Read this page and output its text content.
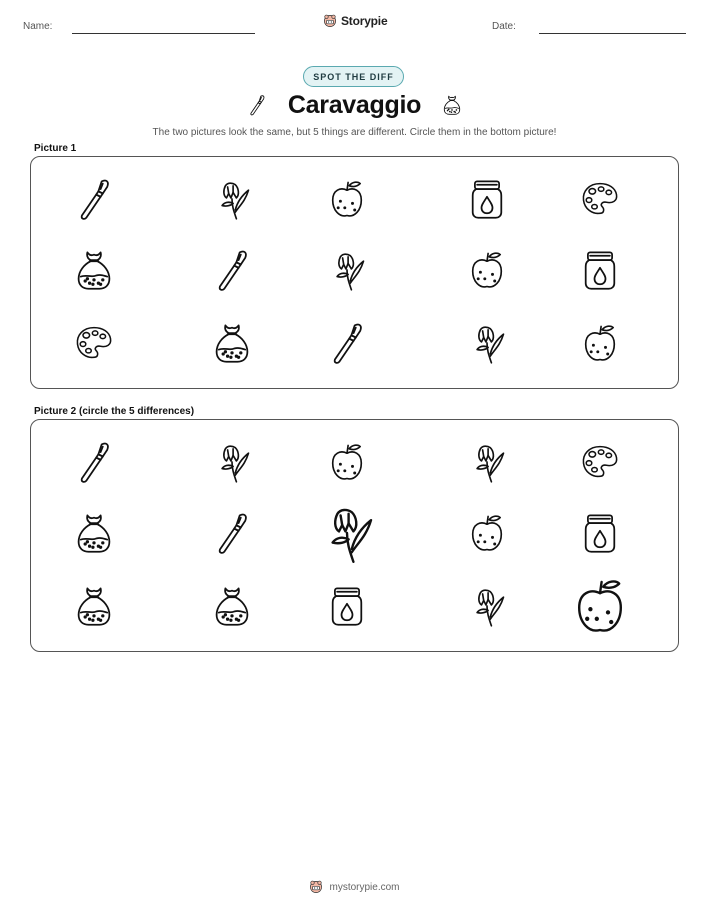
Name:	Storypie	Date:
SPOT THE DIFF
Caravaggio
The two pictures look the same, but 5 things are different. Circle them in the bottom picture!
Picture 1
Picture 2 (circle the 5 differences)
mystorypie.com
